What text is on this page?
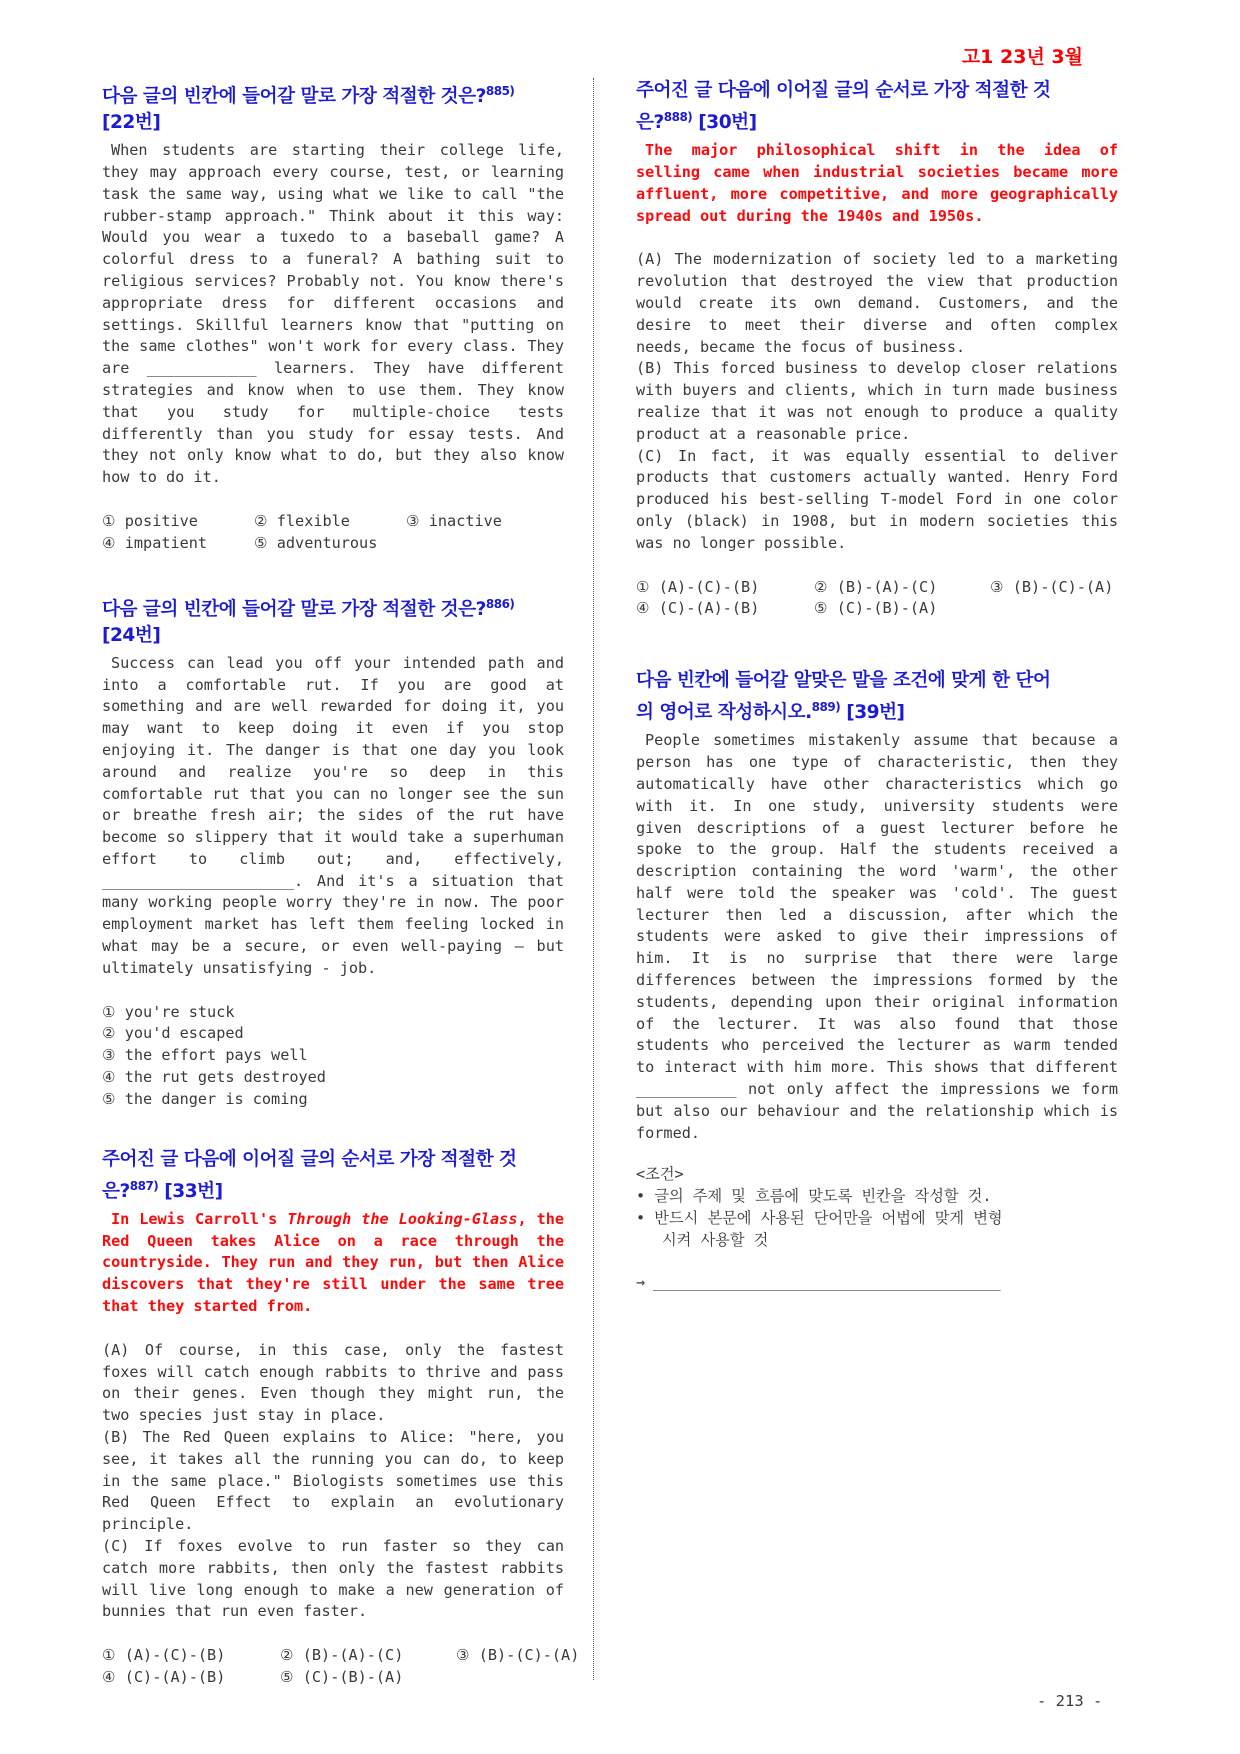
고1 23년 3월
다음 글의 빈칸에 들어갈 말로 가장 적절한 것은?$^{885)}$
[22번]
When students are starting their college life, they may approach every course, test, or learning task the same way, using what we like to call "the rubber-stamp approach." Think about it this way: Would you wear a tuxedo to a baseball game? A colorful dress to a funeral? A bathing suit to religious services? Probably not. You know there's appropriate dress for different occasions and settings. Skillful learners know that "putting on the same clothes" won't work for every class. They are ____________ learners. They have different strategies and know when to use them. They know that you study for multiple-choice tests differently than you study for essay tests. And they not only know what to do, but they also know how to do it.
① positive	② flexible	③ inactive
④ impatient	⑤ adventurous
다음 글의 빈칸에 들어갈 말로 가장 적절한 것은?$^{886)}$
[24번]
Success can lead you off your intended path and into a comfortable rut. If you are good at something and are well rewarded for doing it, you may want to keep doing it even if you stop enjoying it. The danger is that one day you look around and realize you're so deep in this comfortable rut that you can no longer see the sun or breathe fresh air; the sides of the rut have become so slippery that it would take a superhuman effort to climb out; and, effectively, _____________________. And it's a situation that many working people worry they're in now. The poor employment market has left them feeling locked in what may be a secure, or even well-paying — but ultimately unsatisfying - job.
① you're stuck
② you'd escaped
③ the effort pays well
④ the rut gets destroyed
⑤ the danger is coming
주어진 글 다음에 이어질 글의 순서로 가장 적절한 것
은?$^{887)}$ [33번]
In Lewis Carroll's Through the Looking-Glass, the Red Queen takes Alice on a race through the countryside. They run and they run, but then Alice discovers that they're still under the same tree that they started from.
(A) Of course, in this case, only the fastest foxes will catch enough rabbits to thrive and pass on their genes. Even though they might run, the two species just stay in place.
(B) The Red Queen explains to Alice: "here, you see, it takes all the running you can do, to keep in the same place." Biologists sometimes use this Red Queen Effect to explain an evolutionary principle.
(C) If foxes evolve to run faster so they can catch more rabbits, then only the fastest rabbits will live long enough to make a new generation of bunnies that run even faster.
① (A)-(C)-(B)	② (B)-(A)-(C)	③ (B)-(C)-(A)
④ (C)-(A)-(B)	⑤ (C)-(B)-(A)
주어진 글 다음에 이어질 글의 순서로 가장 적절한 것
은?$^{888)}$ [30번]
The major philosophical shift in the idea of selling came when industrial societies became more affluent, more competitive, and more geographically spread out during the 1940s and 1950s.
(A) The modernization of society led to a marketing revolution that destroyed the view that production would create its own demand. Customers, and the desire to meet their diverse and often complex needs, became the focus of business.
(B) This forced business to develop closer relations with buyers and clients, which in turn made business realize that it was not enough to produce a quality product at a reasonable price.
(C) In fact, it was equally essential to deliver products that customers actually wanted. Henry Ford produced his best-selling T-model Ford in one color only (black) in 1908, but in modern societies this was no longer possible.
① (A)-(C)-(B)	② (B)-(A)-(C)	③ (B)-(C)-(A)
④ (C)-(A)-(B)	⑤ (C)-(B)-(A)
다음 빈칸에 들어갈 알맞은 말을 조건에 맞게 한 단어
의 영어로 작성하시오.$^{889)}$ [39번]
People sometimes mistakenly assume that because a person has one type of characteristic, then they automatically have other characteristics which go with it. In one study, university students were given descriptions of a guest lecturer before he spoke to the group. Half the students received a description containing the word 'warm', the other half were told the speaker was 'cold'. The guest lecturer then led a discussion, after which the students were asked to give their impressions of him. It is no surprise that there were large differences between the impressions formed by the students, depending upon their original information of the lecturer. It was also found that those students who perceived the lecturer as warm tended to interact with him more. This shows that different ___________ not only affect the impressions we form but also our behaviour and the relationship which is formed.
<조건>
• 글의 주제 및 흐름에 맞도록 빈칸을 작성할 것.
• 반드시 본문에 사용된 단어만을 어법에 맞게 변형
시켜 사용할 것
→ ______________________________________
- 213 -
